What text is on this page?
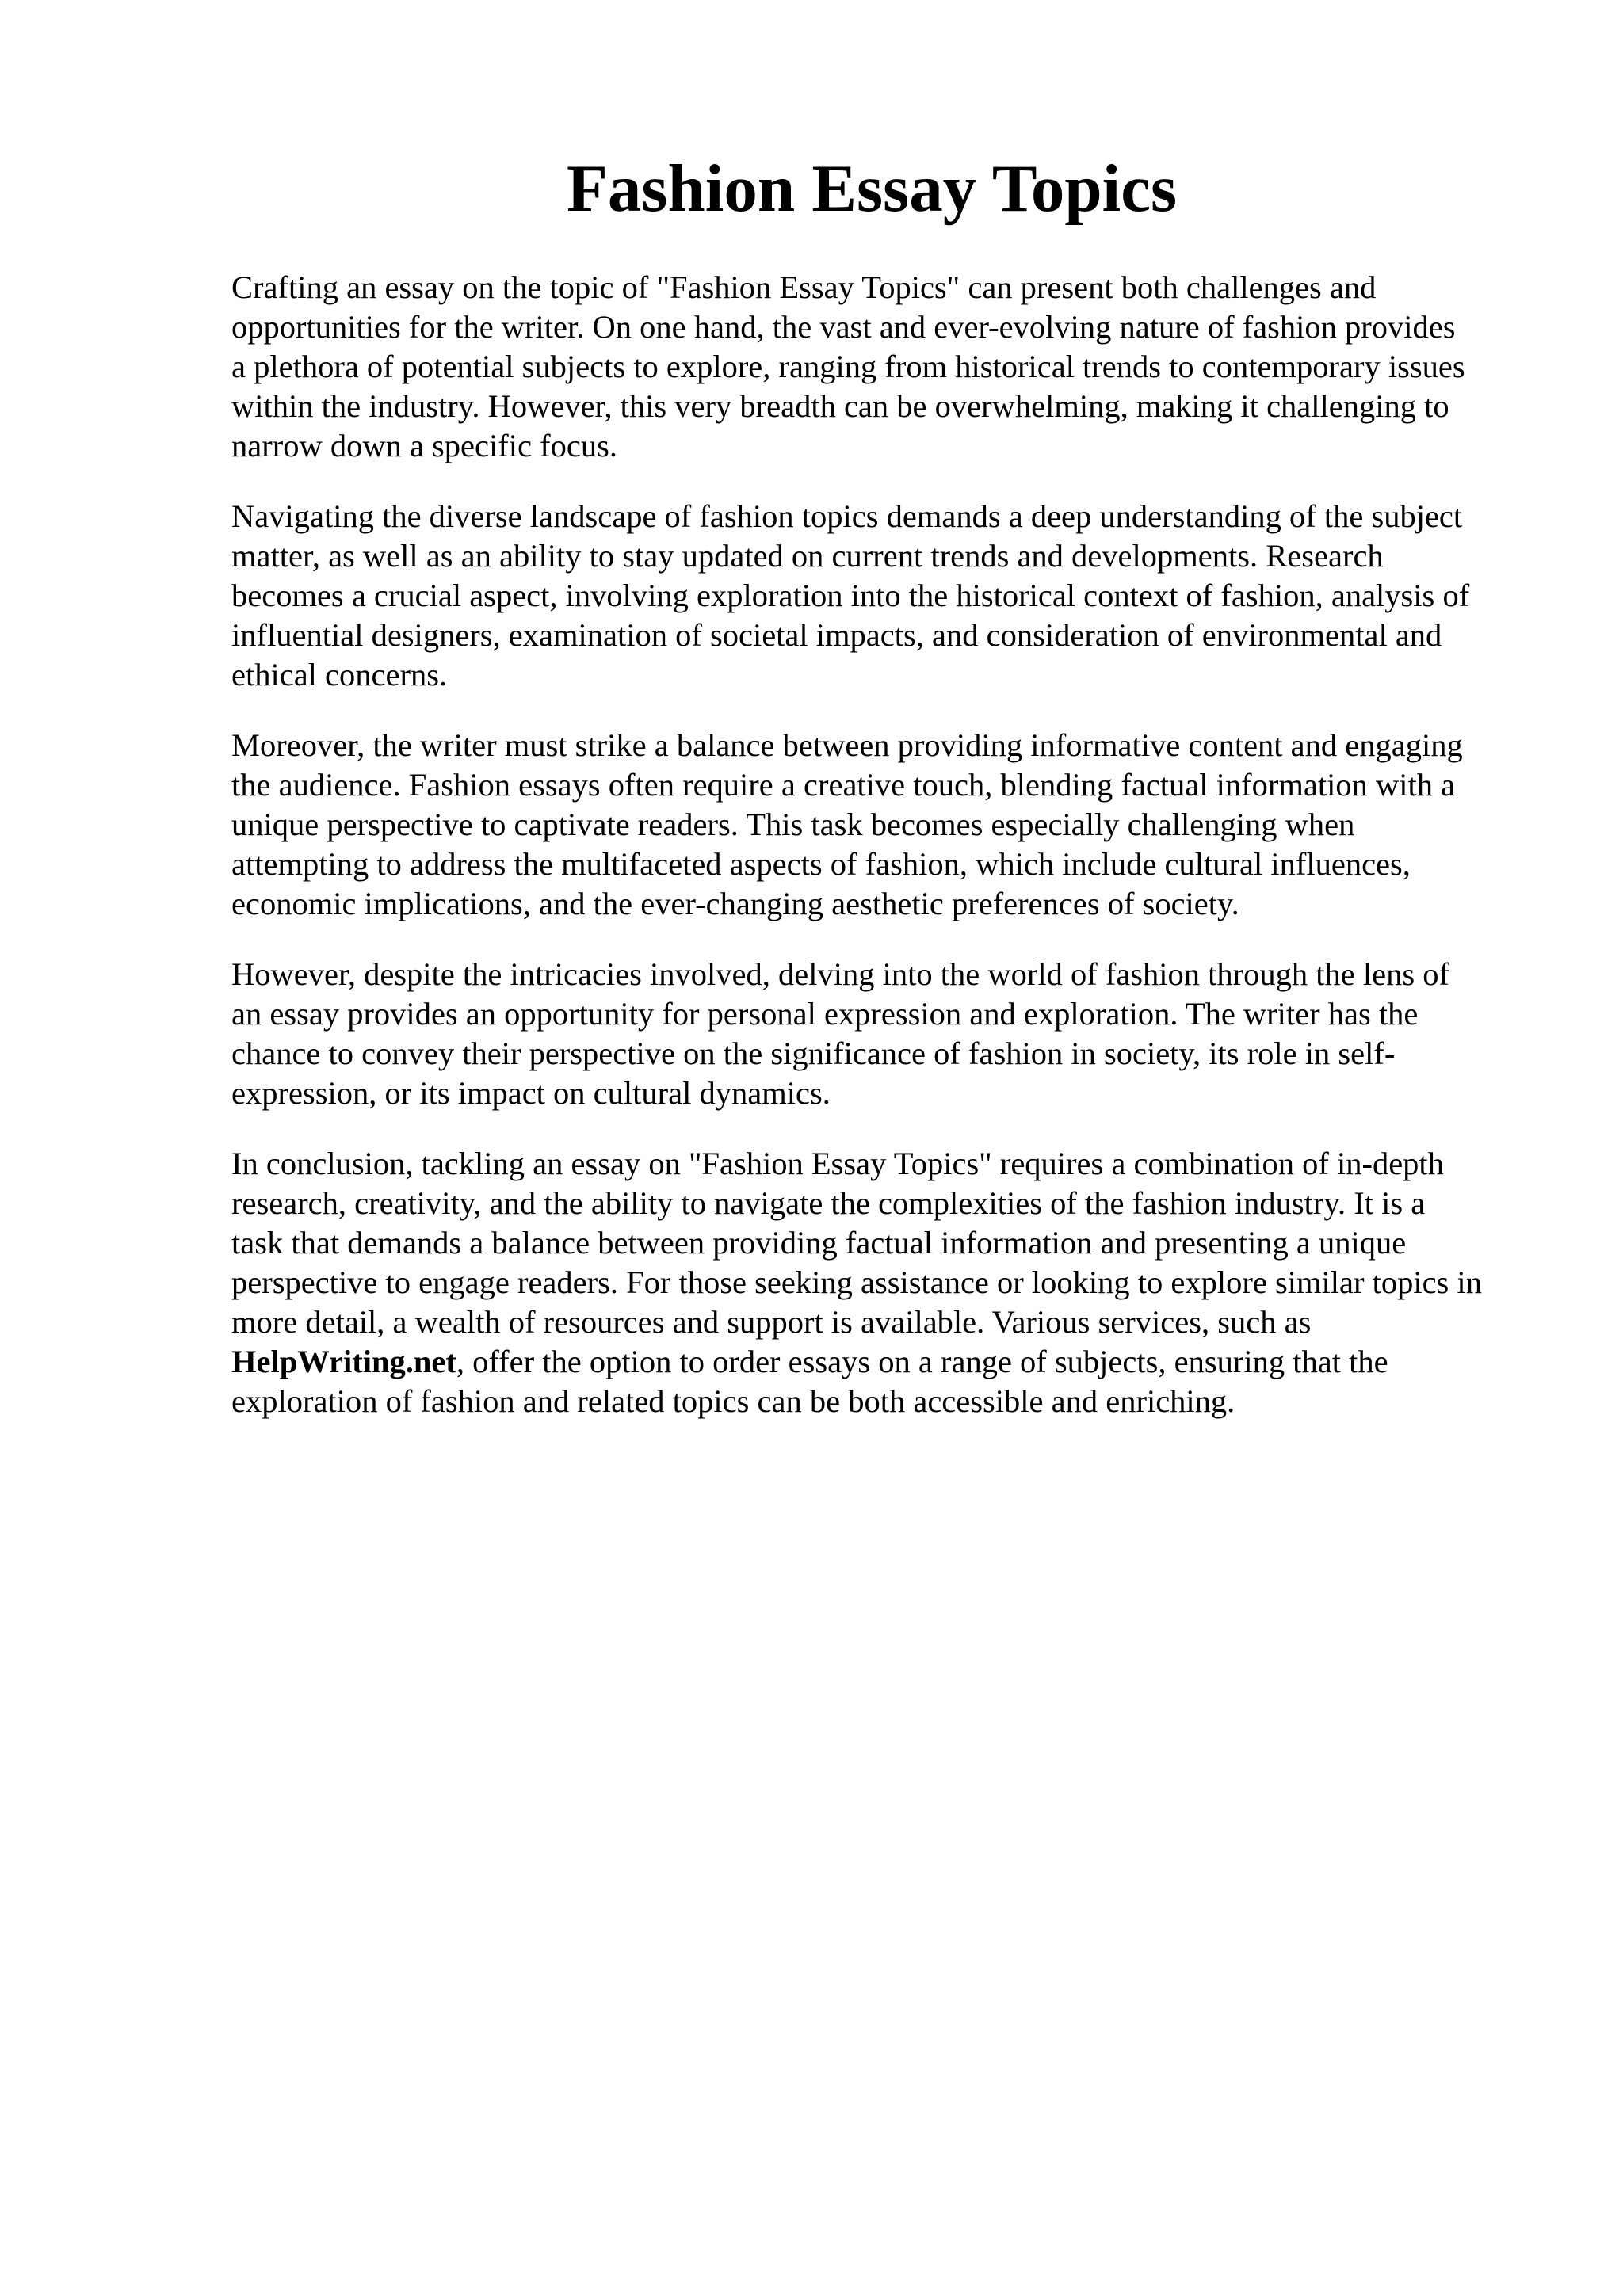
Fashion Essay Topics

Crafting an essay on the topic of "Fashion Essay Topics" can present both challenges and
opportunities for the writer. On one hand, the vast and ever-evolving nature of fashion provides
a plethora of potential subjects to explore, ranging from historical trends to contemporary issues
within the industry. However, this very breadth can be overwhelming, making it challenging to
narrow down a specific focus.

Navigating the diverse landscape of fashion topics demands a deep understanding of the subject
matter, as well as an ability to stay updated on current trends and developments. Research
becomes a crucial aspect, involving exploration into the historical context of fashion, analysis of
influential designers, examination of societal impacts, and consideration of environmental and
ethical concerns.

Moreover, the writer must strike a balance between providing informative content and engaging
the audience. Fashion essays often require a creative touch, blending factual information with a
unique perspective to captivate readers. This task becomes especially challenging when
attempting to address the multifaceted aspects of fashion, which include cultural influences,
economic implications, and the ever-changing aesthetic preferences of society.

However, despite the intricacies involved, delving into the world of fashion through the lens of
an essay provides an opportunity for personal expression and exploration. The writer has the
chance to convey their perspective on the significance of fashion in society, its role in self-
expression, or its impact on cultural dynamics.

In conclusion, tackling an essay on "Fashion Essay Topics" requires a combination of in-depth
research, creativity, and the ability to navigate the complexities of the fashion industry. It is a
task that demands a balance between providing factual information and presenting a unique
perspective to engage readers. For those seeking assistance or looking to explore similar topics in
more detail, a wealth of resources and support is available. Various services, such as
HelpWriting.net, offer the option to order essays on a range of subjects, ensuring that the
exploration of fashion and related topics can be both accessible and enriching.
